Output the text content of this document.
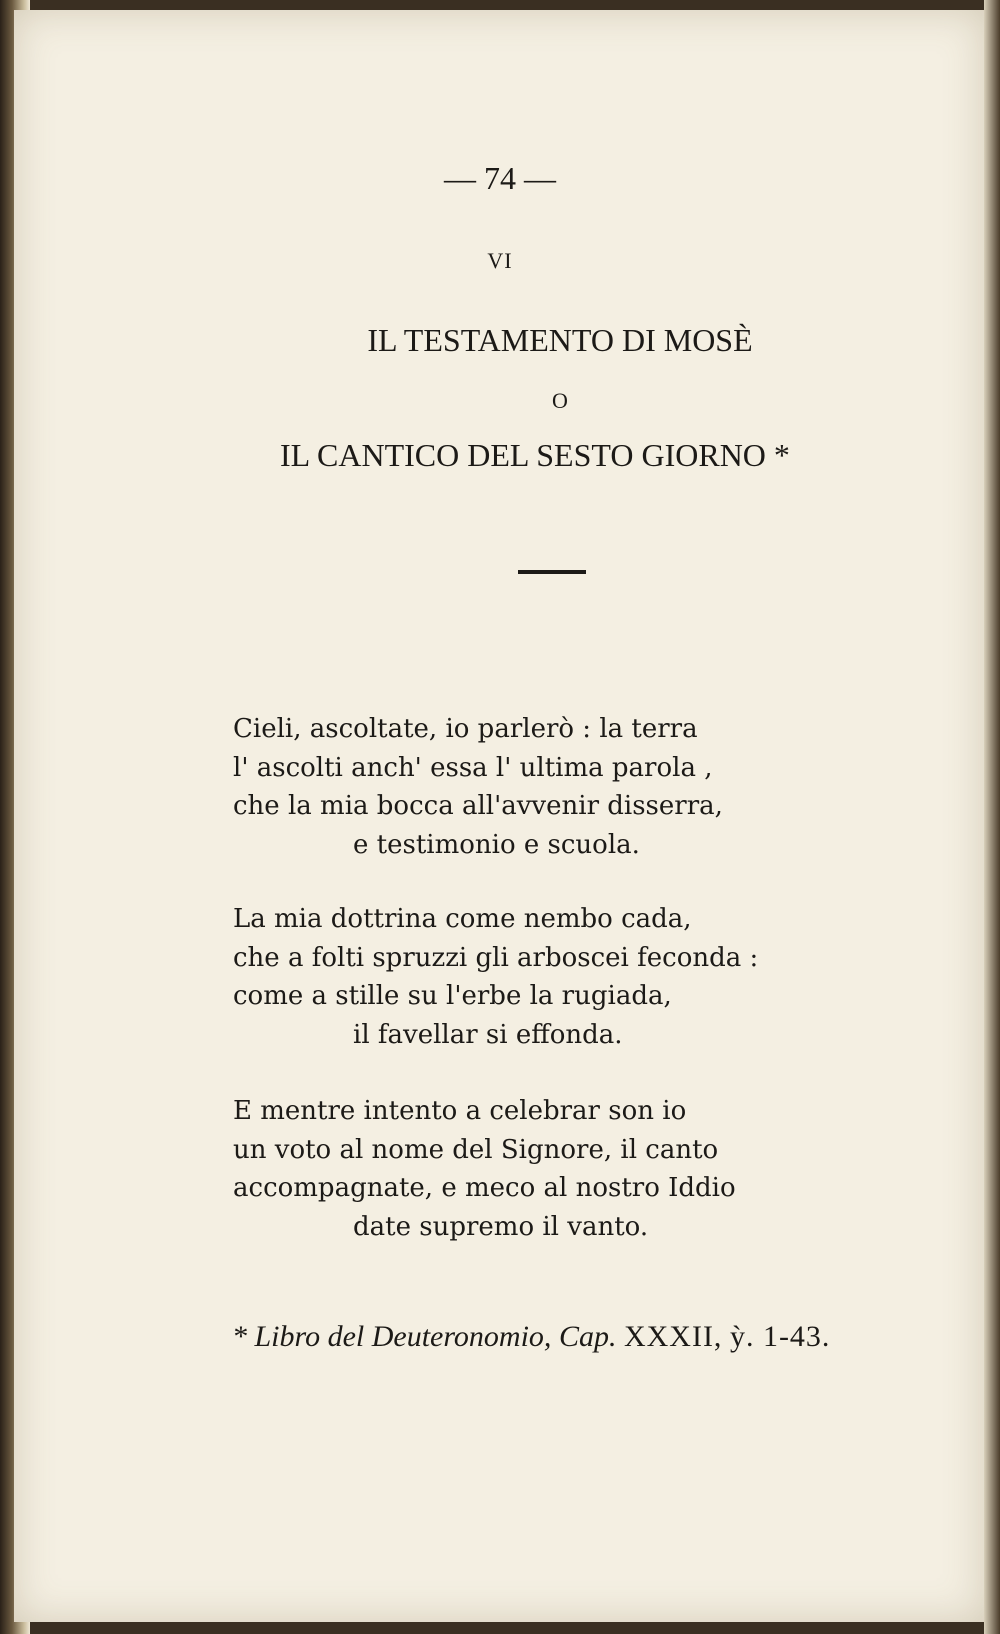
— 74 —
VI
IL TESTAMENTO DI MOSÈ
O
IL CANTICO DEL SESTO GIORNO *
Cieli, ascoltate, io parlerò : la terra
l' ascolti anch' essa l' ultima parola ,
che la mia bocca all'avvenir disserra,
e testimonio e scuola.
La mia dottrina come nembo cada,
che a folti spruzzi gli arboscei feconda :
come a stille su l'erbe la rugiada,
il favellar si effonda.
E mentre intento a celebrar son io
un voto al nome del Signore, il canto
accompagnate, e meco al nostro Iddio
date supremo il vanto.
* Libro del Deuteronomio, Cap. XXXII, ỳ. 1-43.
